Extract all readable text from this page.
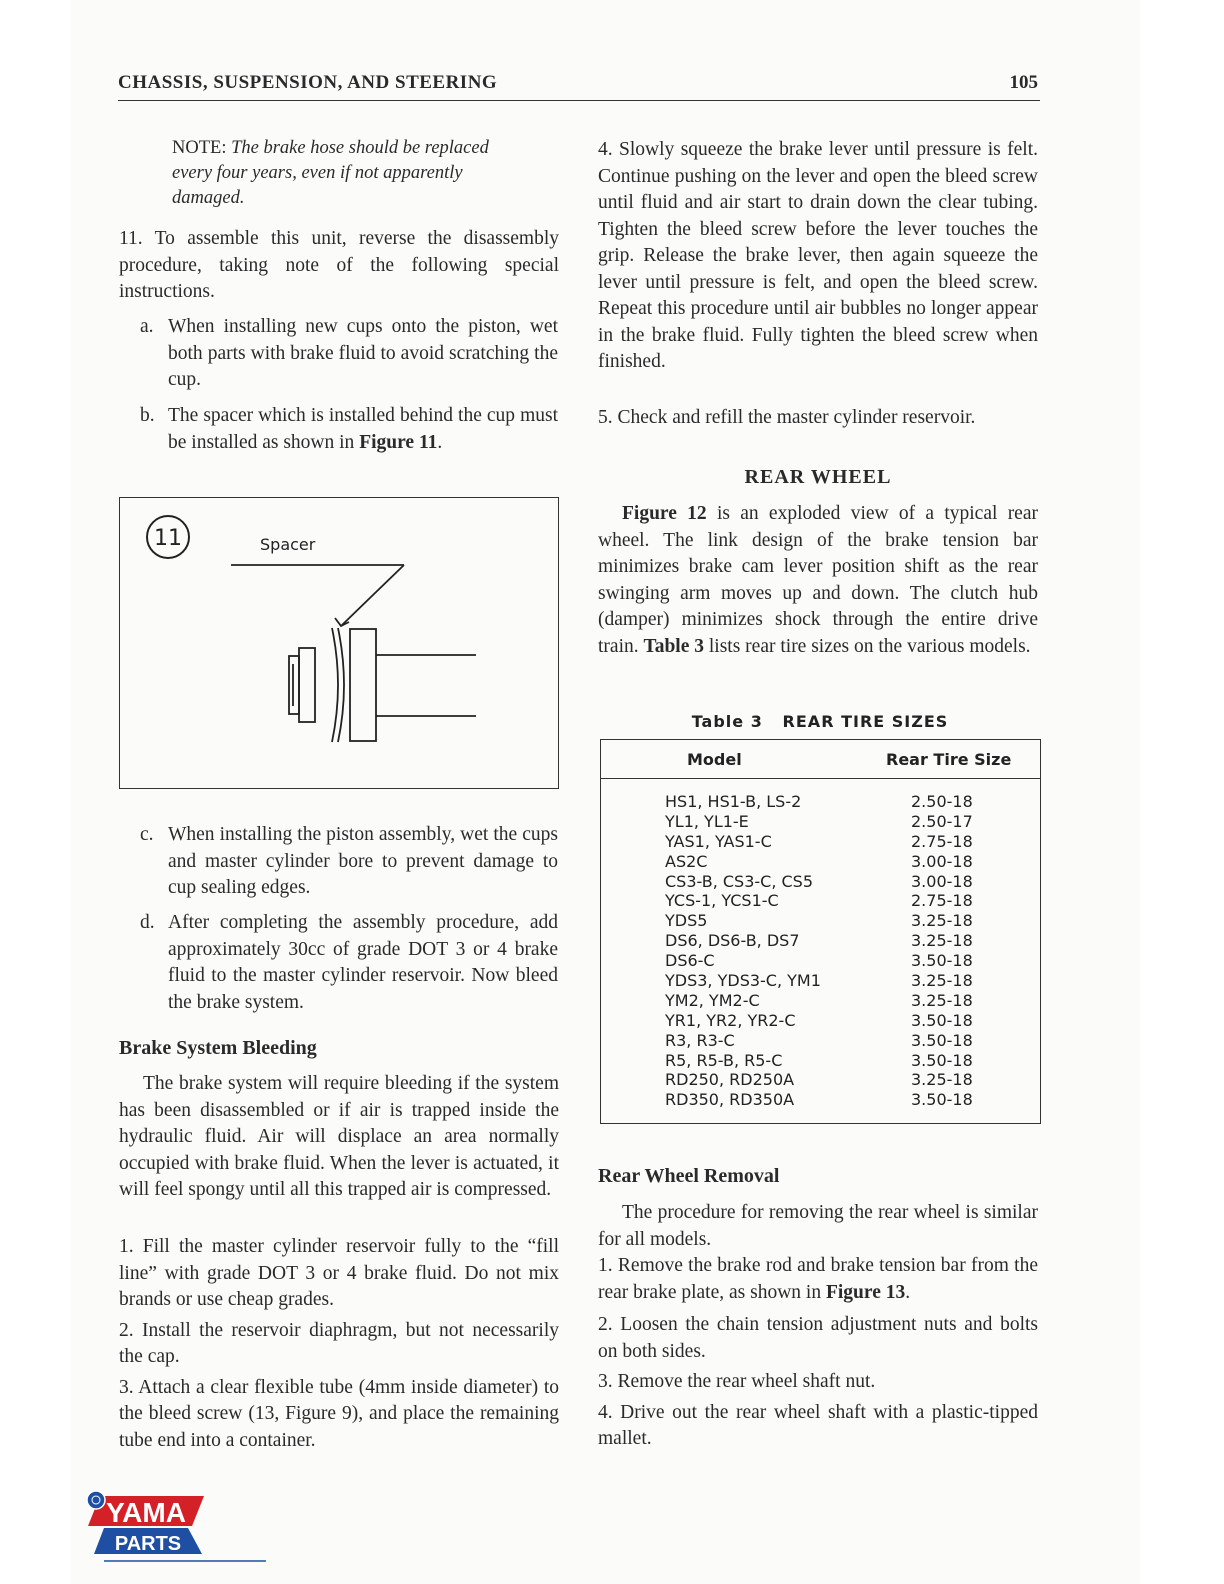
CHASSIS, SUSPENSION, AND STEERING	105
NOTE: The brake hose should be replaced every four years, even if not apparently damaged.

11. To assemble this unit, reverse the disassembly procedure, taking note of the following special instructions.

a. When installing new cups onto the piston, wet both parts with brake fluid to avoid scratching the cup.
b. The spacer which is installed behind the cup must be installed as shown in Figure 11.
11	Spacer
c. When installing the piston assembly, wet the cups and master cylinder bore to prevent damage to cup sealing edges.
d. After completing the assembly procedure, add approximately 30cc of grade DOT 3 or 4 brake fluid to the master cylinder reservoir. Now bleed the brake system.
Brake System Bleeding
The brake system will require bleeding if the system has been disassembled or if air is trapped inside the hydraulic fluid. Air will displace an area normally occupied with brake fluid. When the lever is actuated, it will feel spongy until all this trapped air is compressed.

1. Fill the master cylinder reservoir fully to the “fill line” with grade DOT 3 or 4 brake fluid. Do not mix brands or use cheap grades.

2. Install the reservoir diaphragm, but not necessarily the cap.

3. Attach a clear flexible tube (4mm inside diameter) to the bleed screw (13, Figure 9), and place the remaining tube end into a container.

4. Slowly squeeze the brake lever until pressure is felt. Continue pushing on the lever and open the bleed screw until fluid and air start to drain down the clear tubing. Tighten the bleed screw before the lever touches the grip. Release the brake lever, then again squeeze the lever until pressure is felt, and open the bleed screw. Repeat this procedure until air bubbles no longer appear in the brake fluid. Fully tighten the bleed screw when finished.
5. Check and refill the master cylinder reservoir.
REAR WHEEL
Figure 12 is an exploded view of a typical rear wheel. The link design of the brake tension bar minimizes brake cam lever position shift as the rear swinging arm moves up and down. The clutch hub (damper) minimizes shock through the entire drive train. Table 3 lists rear tire sizes on the various models.
Table 3   REAR TIRE SIZES
Model	Rear Tire Size
HS1, HS1-B, LS-2	2.50-18
YL1, YL1-E	2.50-17
YAS1, YAS1-C	2.75-18
AS2C	3.00-18
CS3-B, CS3-C, CS5	3.00-18
YCS-1, YCS1-C	2.75-18
YDS5	3.25-18
DS6, DS6-B, DS7	3.25-18
DS6-C	3.50-18
YDS3, YDS3-C, YM1	3.25-18
YM2, YM2-C	3.25-18
YR1, YR2, YR2-C	3.50-18
R3, R3-C	3.50-18
R5, R5-B, R5-C	3.50-18
RD250, RD250A	3.25-18
RD350, RD350A	3.50-18
Rear Wheel Removal
The procedure for removing the rear wheel is similar for all models.

1. Remove the brake rod and brake tension bar from the rear brake plate, as shown in Figure 13.

2. Loosen the chain tension adjustment nuts and bolts on both sides.

3. Remove the rear wheel shaft nut.

4. Drive out the rear wheel shaft with a plastic-tipped mallet.

YAMA
PARTS
